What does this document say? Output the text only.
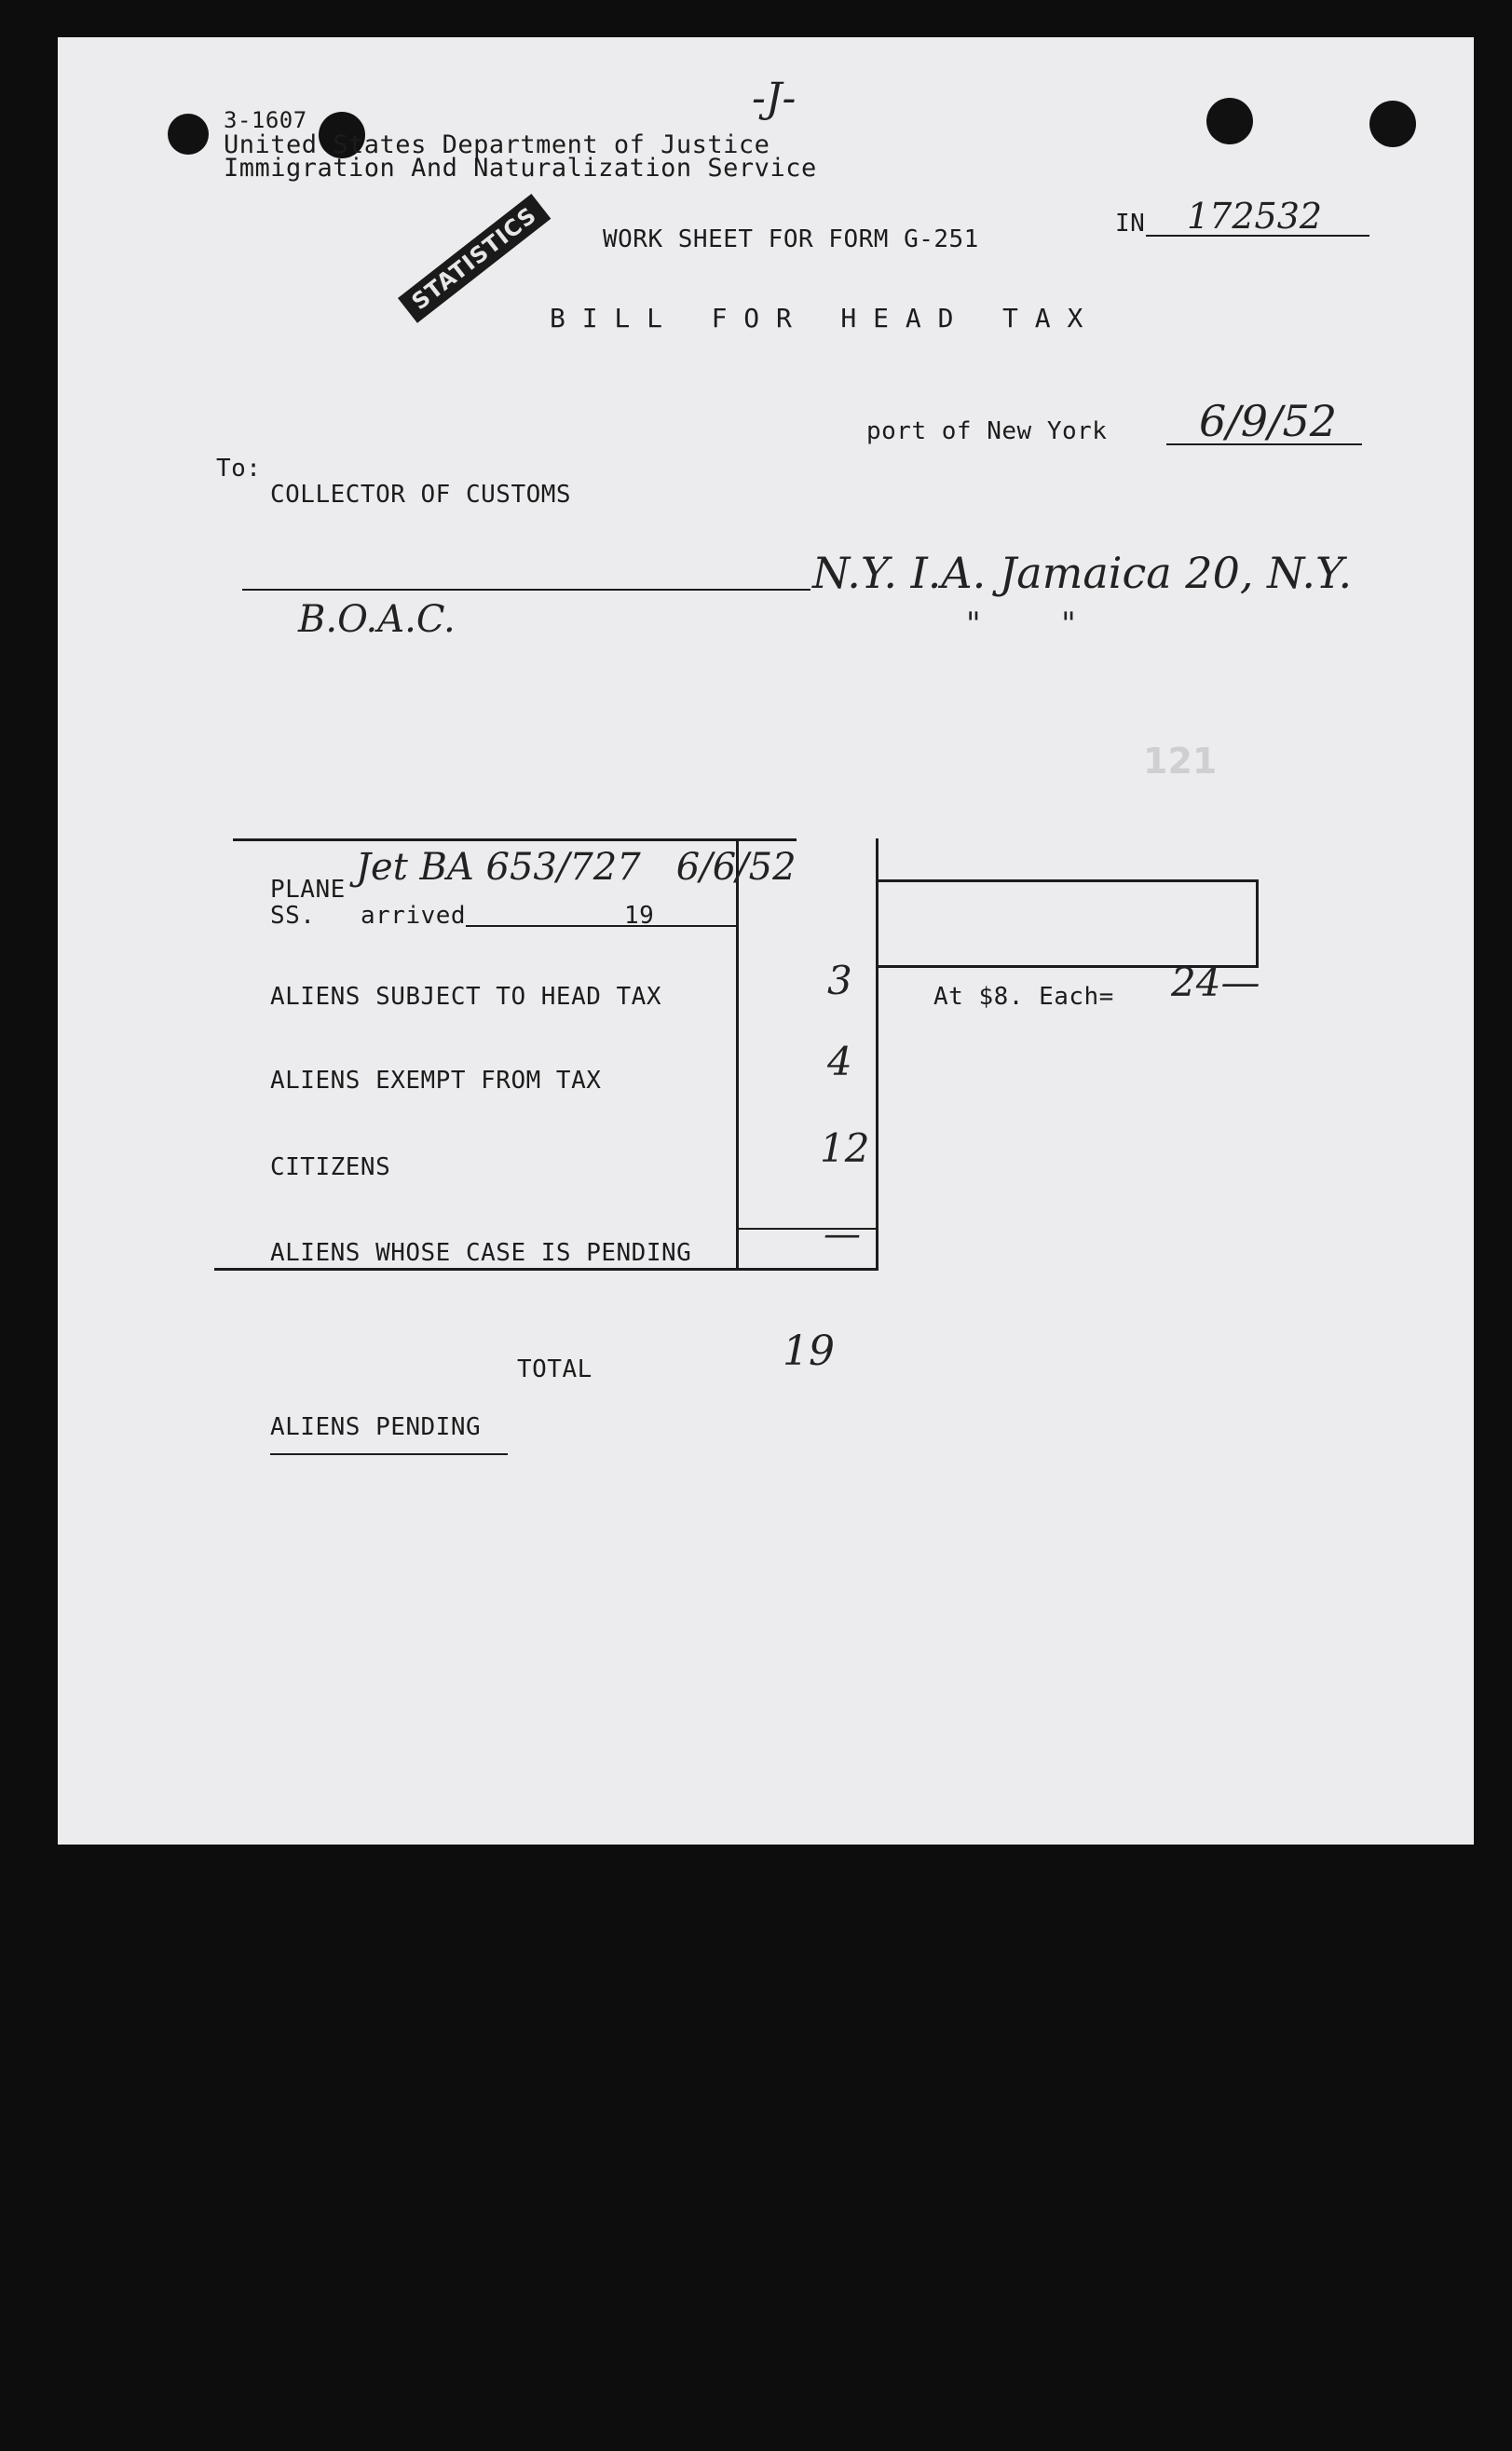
3-1607
United States Department of Justice
Immigration And Naturalization Service
-J-
STATISTICS	WORK SHEET FOR FORM G-251
IN 172532
B I L L   F O R   H E A D   T A X
port of New York 6/9/52
To:
COLLECTOR OF CUSTOMS
B.O.A.C.
N.Y. I.A. Jamaica 20, N.Y.
"        "
121
PLANE
Jet BA 653/727   6/6/52
SS. arrived	19
ALIENS SUBJECT TO HEAD TAX	3	At $8. Each= 24—
ALIENS EXEMPT FROM TAX	4
CITIZENS	12
ALIENS WHOSE CASE IS PENDING	—
TOTAL	19
ALIENS PENDING
